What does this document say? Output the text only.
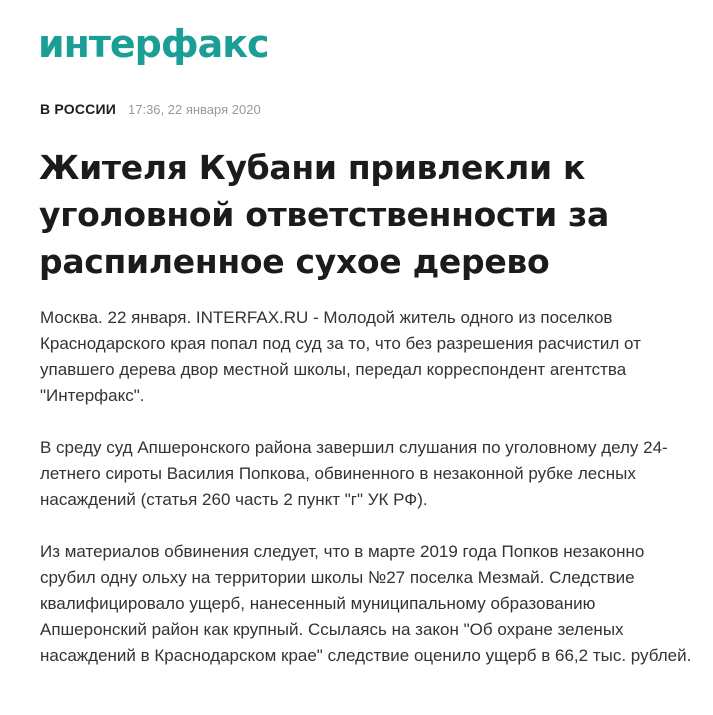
интерфакс
В РОССИИ 17:36, 22 января 2020
Жителя Кубани привлекли к уголовной ответственности за распиленное сухое дерево

Москва. 22 января. INTERFAX.RU - Молодой житель одного из поселков Краснодарского края попал под суд за то, что без разрешения расчистил от упавшего дерева двор местной школы, передал корреспондент агентства "Интерфакс".

В среду суд Апшеронского района завершил слушания по уголовному делу 24-летнего сироты Василия Попкова, обвиненного в незаконной рубке лесных насаждений (статья 260 часть 2 пункт "г" УК РФ).

Из материалов обвинения следует, что в марте 2019 года Попков незаконно срубил одну ольху на территории школы №27 поселка Мезмай. Следствие квалифицировало ущерб, нанесенный муниципальному образованию Апшеронский район как крупный. Ссылаясь на закон "Об охране зеленых насаждений в Краснодарском крае" следствие оценило ущерб в 66,2 тыс. рублей.
